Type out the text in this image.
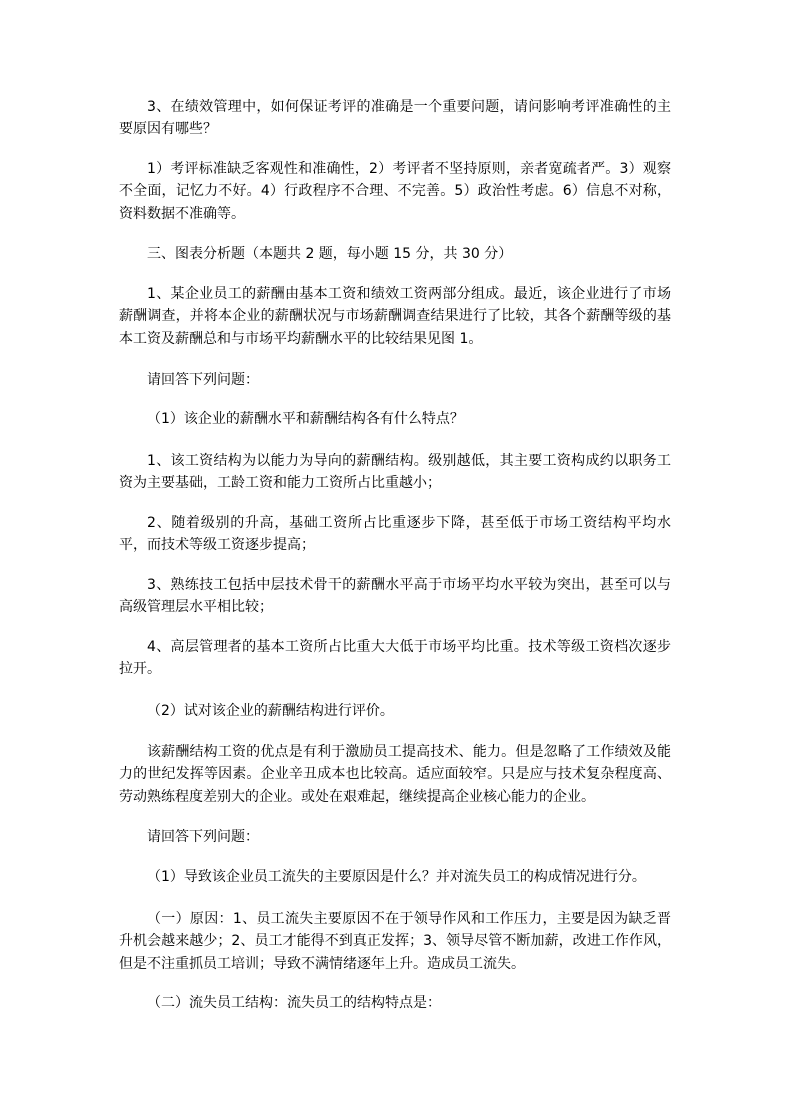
3、在绩效管理中，如何保证考评的准确是一个重要问题，请问影响考评准确性的主要原因有哪些？

1）考评标准缺乏客观性和准确性，2）考评者不坚持原则，亲者宽疏者严。3）观察不全面，记忆力不好。4）行政程序不合理、不完善。5）政治性考虑。6）信息不对称，资料数据不准确等。

三、图表分析题（本题共 2 题，每小题 15 分，共 30 分）

1、某企业员工的薪酬由基本工资和绩效工资两部分组成。最近，该企业进行了市场薪酬调查，并将本企业的薪酬状况与市场薪酬调查结果进行了比较，其各个薪酬等级的基本工资及薪酬总和与市场平均薪酬水平的比较结果见图 1。

请回答下列问题：

（1）该企业的薪酬水平和薪酬结构各有什么特点？

1、该工资结构为以能力为导向的薪酬结构。级别越低，其主要工资构成约以职务工资为主要基础，工龄工资和能力工资所占比重越小；

2、随着级别的升高，基础工资所占比重逐步下降，甚至低于市场工资结构平均水平，而技术等级工资逐步提高；

3、熟练技工包括中层技术骨干的薪酬水平高于市场平均水平较为突出，甚至可以与高级管理层水平相比较；

4、高层管理者的基本工资所占比重大大低于市场平均比重。技术等级工资档次逐步拉开。

（2）试对该企业的薪酬结构进行评价。

该薪酬结构工资的优点是有利于激励员工提高技术、能力。但是忽略了工作绩效及能力的世纪发挥等因素。企业辛丑成本也比较高。适应面较窄。只是应与技术复杂程度高、劳动熟练程度差别大的企业。或处在艰难起，继续提高企业核心能力的企业。

请回答下列问题：

（1）导致该企业员工流失的主要原因是什么？并对流失员工的构成情况进行分。

（一）原因：1、员工流失主要原因不在于领导作风和工作压力，主要是因为缺乏晋升机会越来越少；2、员工才能得不到真正发挥；3、领导尽管不断加薪，改进工作作风，但是不注重抓员工培训；导致不满情绪逐年上升。造成员工流失。

（二）流失员工结构：流失员工的结构特点是：
